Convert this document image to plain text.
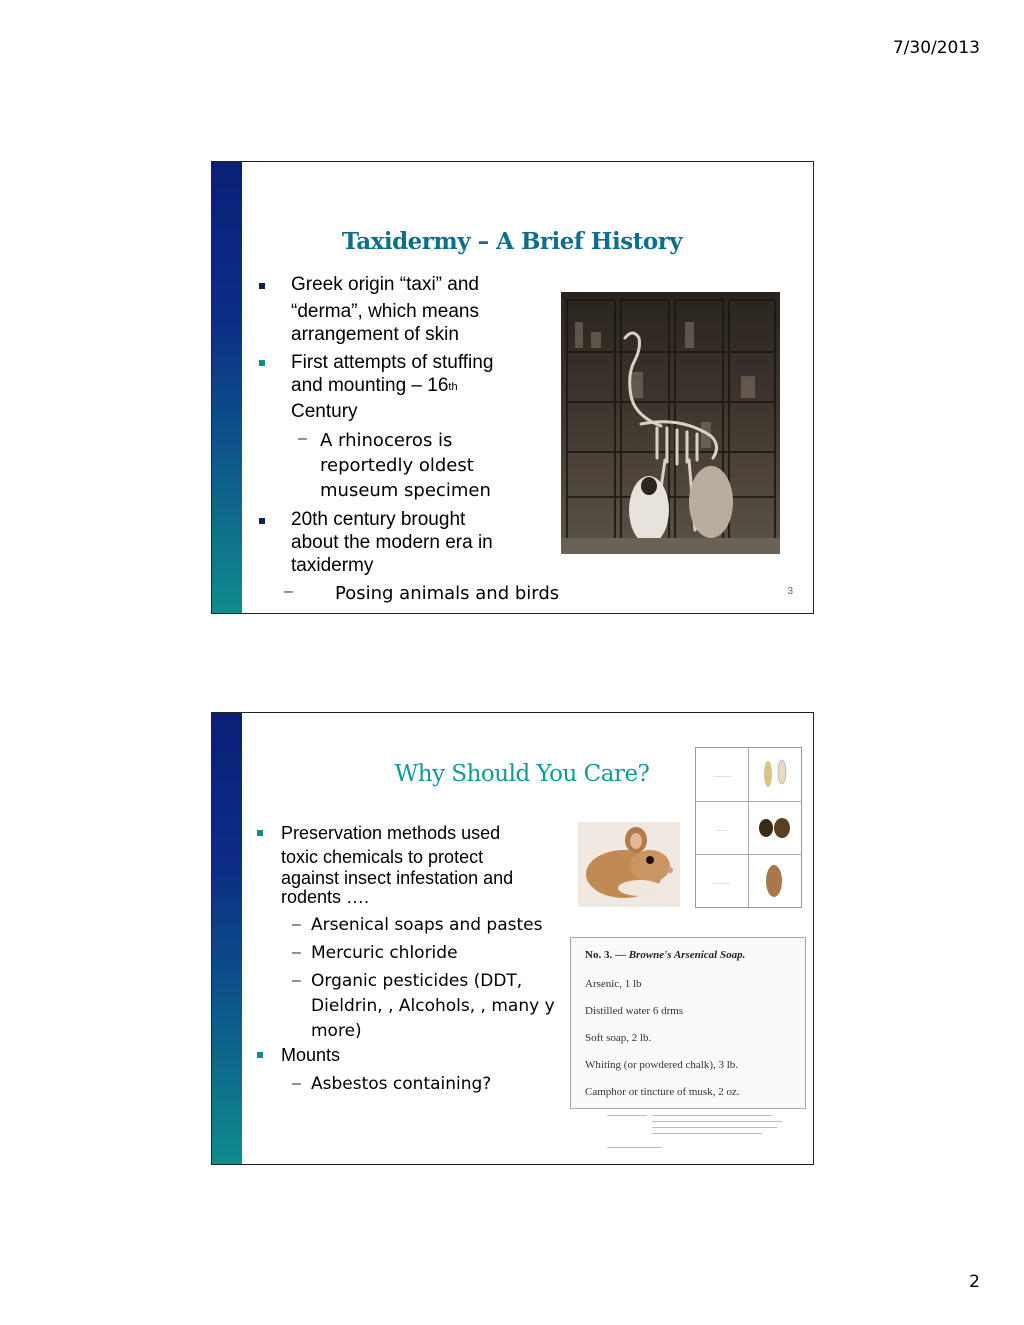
7/30/2013
Taxidermy – A Brief History
Greek origin “taxi” and
“derma”, which means
arrangement of skin
First attempts of stuffing
and mounting – 16th
Century
– A rhinoceros is
reportedly oldest
museum specimen
20th century brought
about the modern era in
taxidermy
– Posing animals and birds	3
Why Should You Care?
Preservation methods used
toxic chemicals to protect
against insect infestation and
rodents ….
– Arsenical soaps and pastes
– Mercuric chloride
– Organic pesticides (DDT,
Dieldrin, , Alcohols, , many y
more)
Mounts
– Asbestos containing?
~~~~~~~~~~
~~~~~~
~~~~~~~~~~
No. 3. — Browne's Arsenical Soap.
Arsenic, 1 lb
Distilled water 6 drms
Soft soap, 2 lb.
Whiting (or powdered chalk), 3 lb.
Camphor or tincture of musk, 2 oz.
2
